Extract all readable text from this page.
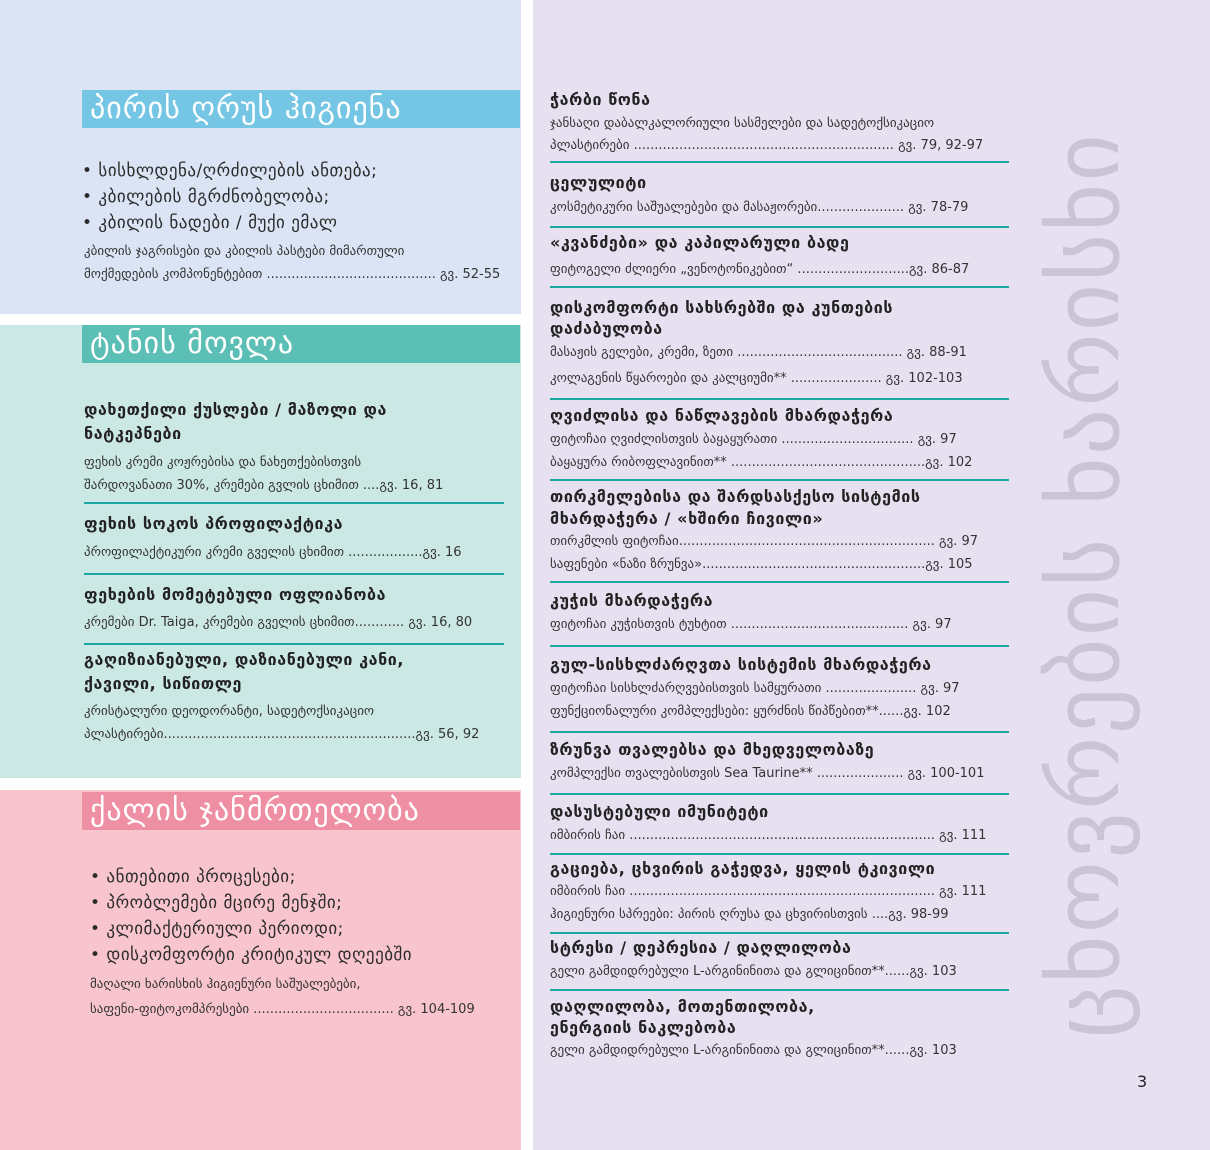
პირის ღრუს ჰიგიენა
• სისხლდენა/ღრძილების ანთება;
• კბილების მგრძნობელობა;
• კბილის ნადები / მუქი ემალ
კბილის ჯაგრისები და კბილის პასტები მიმართული
მოქმედების კომპონენტებით ......................................... გვ. 52-55
ტანის მოვლა
დახეთქილი ქუსლები / მაზოლი და
ნატკეპნები
ფეხის კრემი კოჟრებისა და ნახეთქებისთვის
შარდოვანათი 30%, კრემები გვლის ცხიმით ....გვ. 16, 81
ფეხის სოკოს პროფილაქტიკა
პროფილაქტიკური კრემი გველის ცხიმით ..................გვ. 16
ფეხების მომეტებული ოფლიანობა
კრემები Dr. Taiga, კრემები გველის ცხიმით............ გვ. 16, 80
გაღიზიანებული, დაზიანებული კანი,
ქავილი, სიწითლე
კრისტალური დეოდორანტი, სადეტოქსიკაციო
პლასტირები.............................................................გვ. 56, 92
ქალის ჯანმრთელობა
• ანთებითი პროცესები;
• პრობლემები მცირე მენჯში;
• კლიმაქტერიული პერიოდი;
• დისკომფორტი კრიტიკულ დღეებში
მაღალი ხარისხის ჰიგიენური საშუალებები,
საფენი-ფიტოკომპრესები .................................. გვ. 104-109
ჭარბი წონა
ჯანსაღი დაბალკალორიული სასმელები და სადეტოქსიკაციო
პლასტირები ............................................................... გვ. 79, 92-97
ცელულიტი
კოსმეტიკური საშუალებები და მასაჟორები..................... გვ. 78-79
«კვანძები» და კაპილარული ბადე
ფიტოგელი ძლიერი „ვენოტონიკებით“ ...........................გვ. 86-87
დისკომფორტი სახსრებში და კუნთების
დაძაბულობა
მასაჟის გელები, კრემი, ზეთი ........................................ გვ. 88-91
კოლაგენის წყაროები და კალციუმი** ...................... გვ. 102-103
ღვიძლისა და ნაწლავების მხარდაჭერა
ფიტოჩაი ღვიძლისთვის ბაყაყურათი ................................ გვ. 97
ბაყაყურა რიბოფლავინით** ...............................................გვ. 102
თირკმელებისა და შარდსასქესო სისტემის
მხარდაჭერა / «ხშირი ჩივილი»
თირკმლის ფიტოჩაი.............................................................. გვ. 97
საფენები «ნაზი ზრუნვა»......................................................გვ. 105
კუჭის მხარდაჭერა
ფიტოჩაი კუჭისთვის ტუხტით ........................................... გვ. 97
გულ-სისხლძარღვთა სისტემის მხარდაჭერა
ფიტოჩაი სისხლძარღვებისთვის სამყურათი ...................... გვ. 97
ფუნქციონალური კომპლექსები: ყურძნის წიპწებით**......გვ. 102
ზრუნვა თვალებსა და მხედველობაზე
კომპლექსი თვალებისთვის Sea Taurine** ..................... გვ. 100-101
დასუსტებული იმუნიტეტი
იმბირის ჩაი .......................................................................... გვ. 111
გაციება, ცხვირის გაჭედვა, ყელის ტკივილი
იმბირის ჩაი .......................................................................... გვ. 111
ჰიგიენური სპრეები: პირის ღრუსა და ცხვირისთვის ....გვ. 98-99
სტრესი / დეპრესია / დაღლილობა
გელი გამდიდრებული L-არგინინითა და გლიცინით**......გვ. 103
დაღლილობა, მოთენთილობა,
ენერგიის ნაკლებობა
გელი გამდიდრებული L-არგინინითა და გლიცინით**......გვ. 103
ცხოვრების ხარისხი
3
